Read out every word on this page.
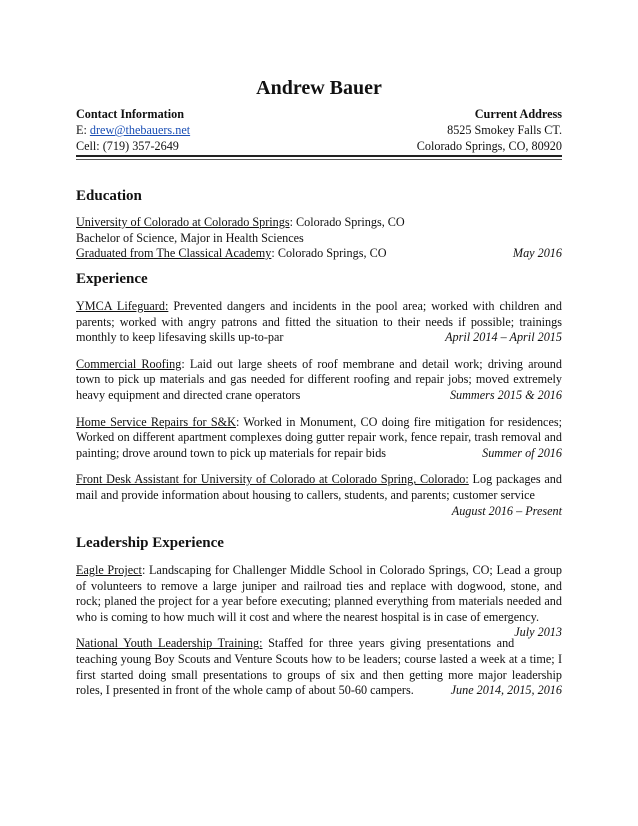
Andrew Bauer
Contact Information	Current Address
E: drew@thebauers.net	8525 Smokey Falls CT.
Cell: (719) 357-2649	Colorado Springs, CO, 80920
Education
University of Colorado at Colorado Springs: Colorado Springs, CO
Bachelor of Science, Major in Health Sciences
Graduated from The Classical Academy: Colorado Springs, CO	May 2016
Experience

YMCA Lifeguard: Prevented dangers and incidents in the pool area; worked with children and parents; worked with angry patrons and fitted the situation to their needs if possible; trainings monthly to keep lifesaving skills up-to-par	April 2014 – April 2015

Commercial Roofing: Laid out large sheets of roof membrane and detail work; driving around town to pick up materials and gas needed for different roofing and repair jobs; moved extremely heavy equipment and directed crane operators	Summers 2015 & 2016

Home Service Repairs for S&K: Worked in Monument, CO doing fire mitigation for residences; Worked on different apartment complexes doing gutter repair work, fence repair, trash removal and painting; drove around town to pick up materials for repair bids	Summer of 2016

Front Desk Assistant for University of Colorado at Colorado Spring, Colorado: Log packages and mail and provide information about housing to callers, students, and parents; customer service
August 2016 – Present

Leadership Experience

Eagle Project: Landscaping for Challenger Middle School in Colorado Springs, CO; Lead a group of volunteers to remove a large juniper and railroad ties and replace with dogwood, stone, and rock; planed the project for a year before executing; planned everything from materials needed and who is coming to how much will it cost and where the nearest hospital is in case of emergency.
July 2013

National Youth Leadership Training: Staffed for three years giving presentations and teaching young Boy Scouts and Venture Scouts how to be leaders; course lasted a week at a time; I first started doing small presentations to groups of six and then getting more major leadership roles, I presented in front of the whole camp of about 50-60 campers.	June 2014, 2015, 2016
